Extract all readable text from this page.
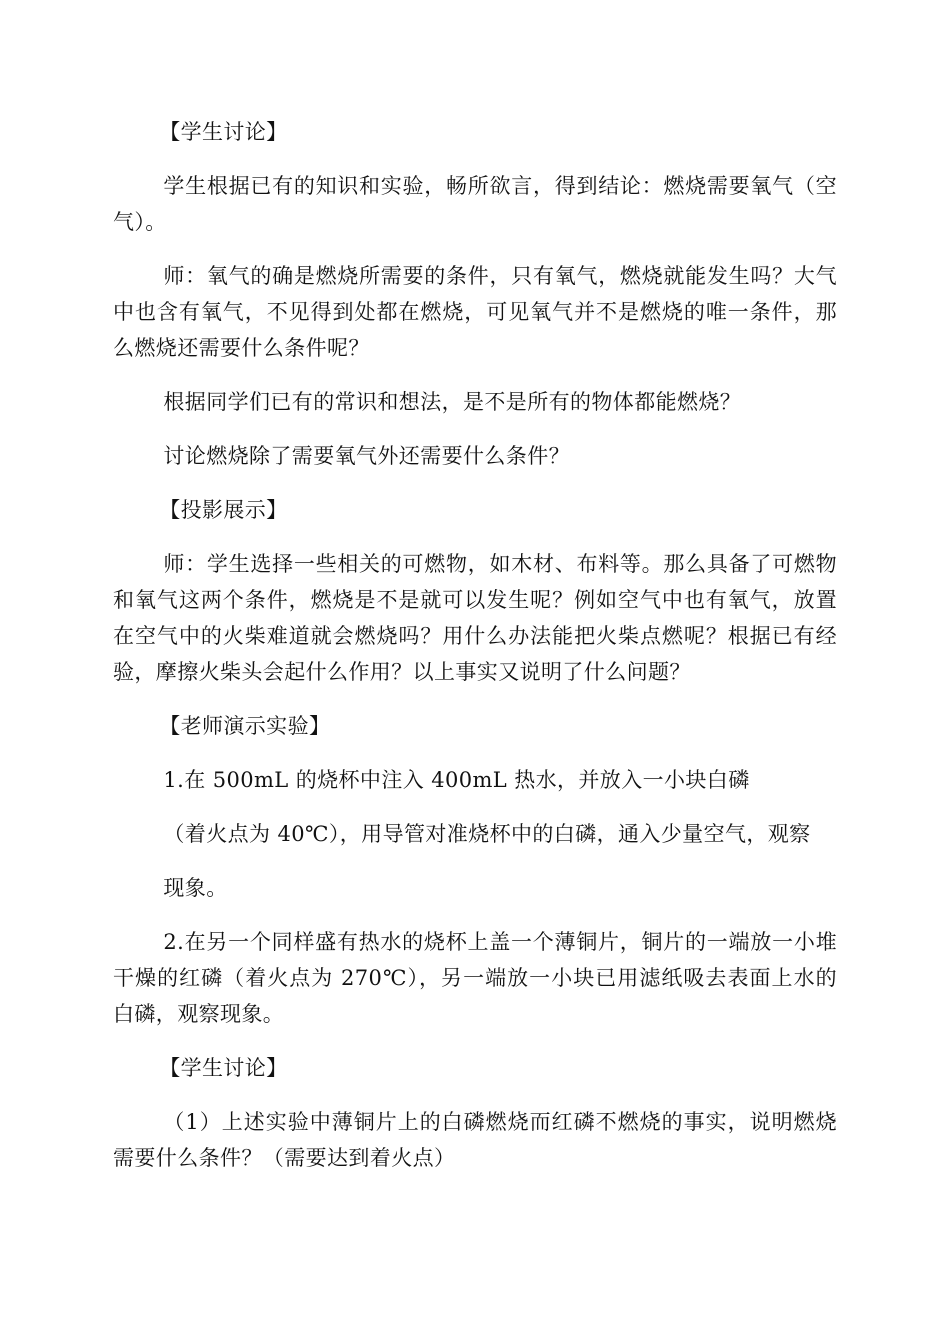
【学生讨论】

学生根据已有的知识和实验，畅所欲言，得到结论：燃烧需要氧气（空气）。

师：氧气的确是燃烧所需要的条件，只有氧气，燃烧就能发生吗？大气中也含有氧气，不见得到处都在燃烧，可见氧气并不是燃烧的唯一条件，那么燃烧还需要什么条件呢？

根据同学们已有的常识和想法，是不是所有的物体都能燃烧？

讨论燃烧除了需要氧气外还需要什么条件？

【投影展示】

师：学生选择一些相关的可燃物，如木材、布料等。那么具备了可燃物和氧气这两个条件，燃烧是不是就可以发生呢？例如空气中也有氧气，放置在空气中的火柴难道就会燃烧吗？用什么办法能把火柴点燃呢？根据已有经验，摩擦火柴头会起什么作用？以上事实又说明了什么问题？

【老师演示实验】

1.在 500mL 的烧杯中注入 400mL 热水，并放入一小块白磷

（着火点为 40℃），用导管对准烧杯中的白磷，通入少量空气，观察

现象。

2.在另一个同样盛有热水的烧杯上盖一个薄铜片，铜片的一端放一小堆干燥的红磷（着火点为 270℃），另一端放一小块已用滤纸吸去表面上水的白磷，观察现象。

【学生讨论】

（1）上述实验中薄铜片上的白磷燃烧而红磷不燃烧的事实，说明燃烧需要什么条件？（需要达到着火点）
